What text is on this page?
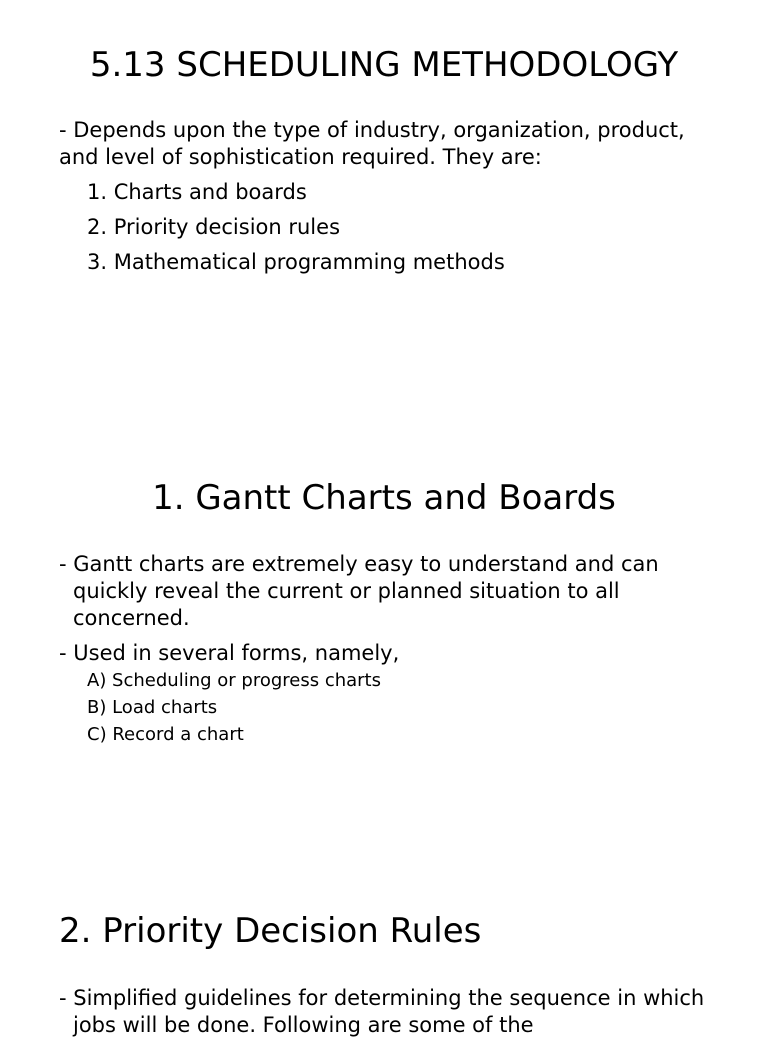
5.13 SCHEDULING METHODOLOGY

- Depends upon the type of industry, organization, product, and level of sophistication required. They are:

1. Charts and boards
2. Priority decision rules
3. Mathematical programming methods
1. Gantt Charts and Boards

- Gantt charts are extremely easy to understand and can quickly reveal the current or planned situation to all concerned.

- Used in several forms, namely,

A) Scheduling or progress charts
B) Load charts
C) Record a chart
2. Priority Decision Rules

- Simplified guidelines for determining the sequence in which jobs will be done. Following are some of the
